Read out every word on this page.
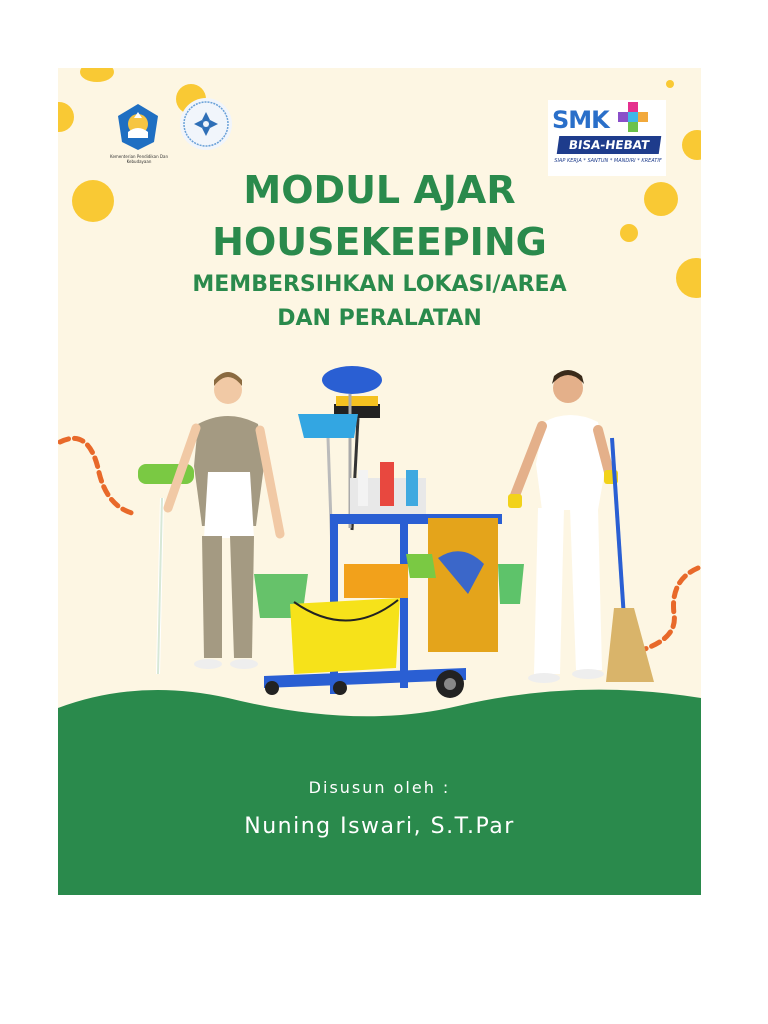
Kementerian Pendidikan Dan Kebudayaan
SMK
BISA-HEBAT
SIAP KERJA * SANTUN * MANDIRI * KREATIF
MODUL AJAR
HOUSEKEEPING
MEMBERSIHKAN LOKASI/AREA
DAN PERALATAN
Disusun oleh :
Nuning Iswari, S.T.Par
